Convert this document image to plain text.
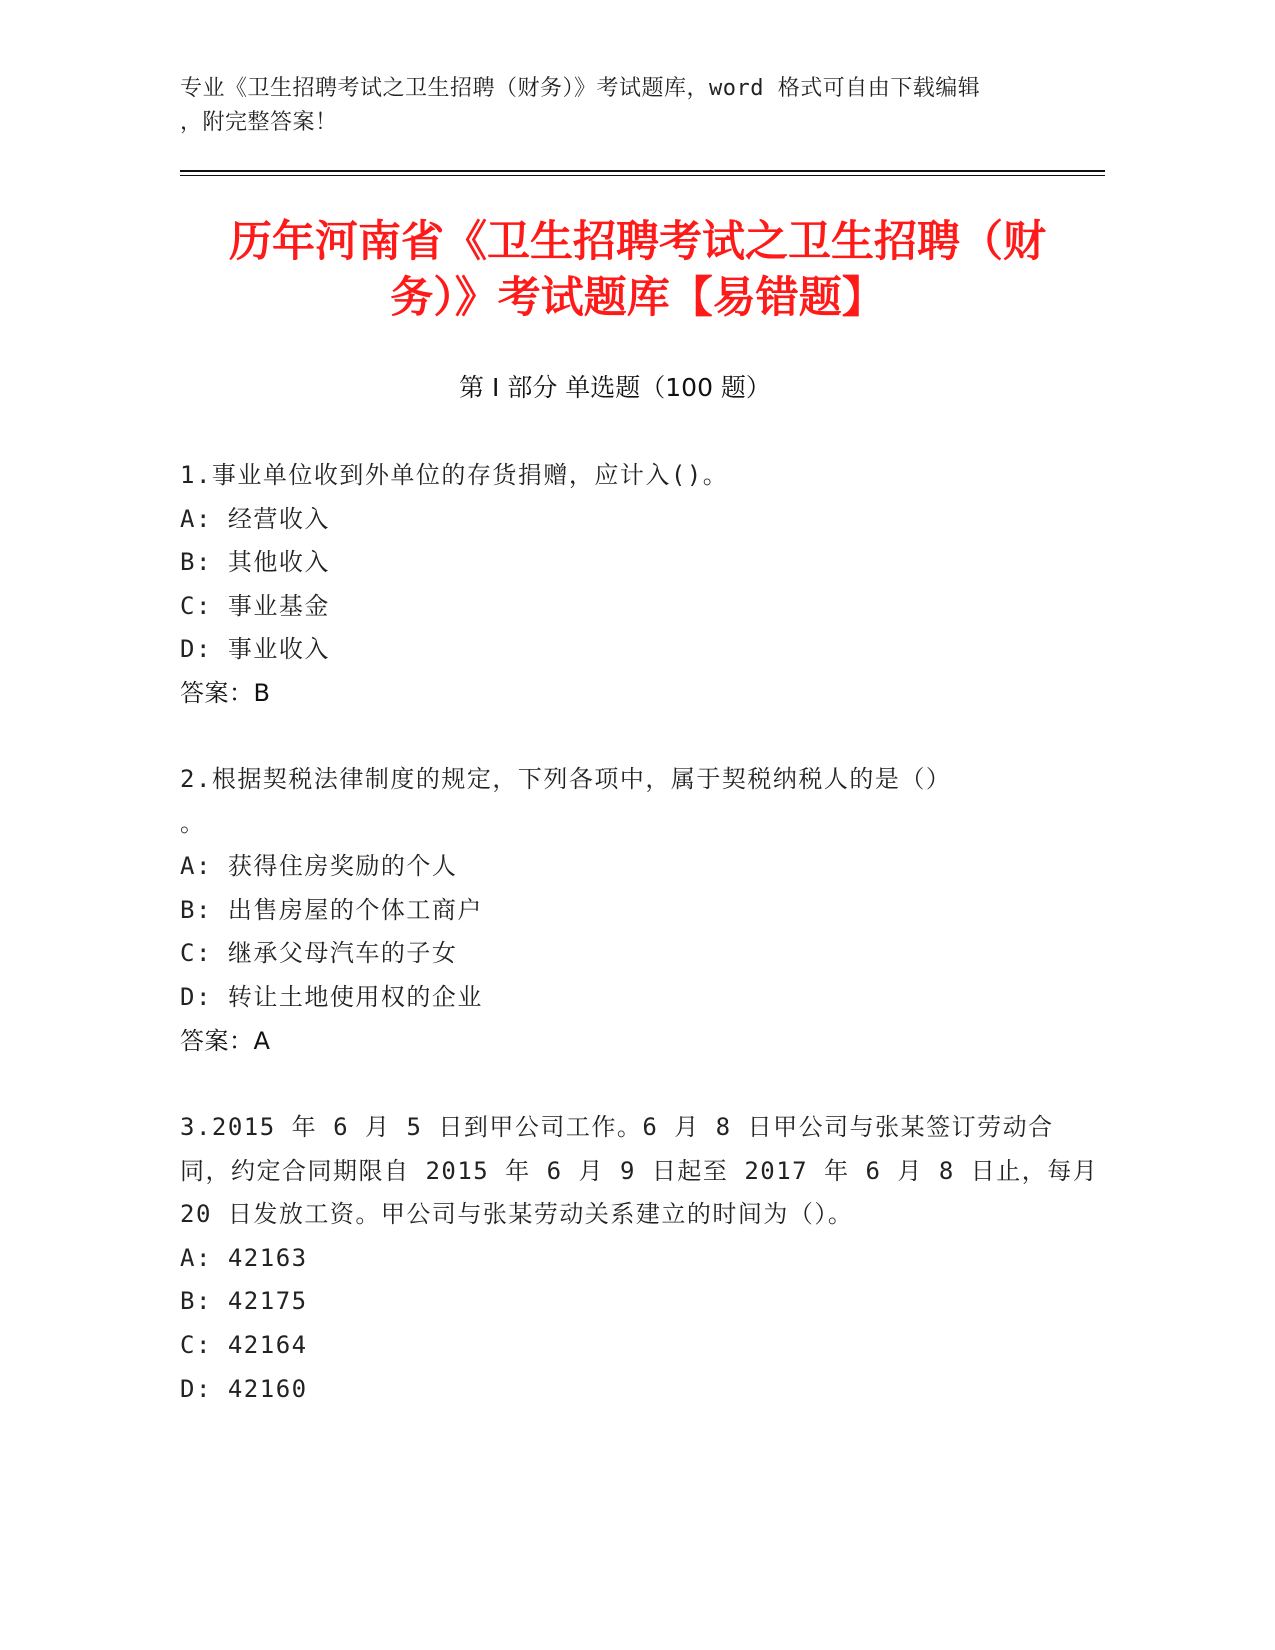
专业《卫生招聘考试之卫生招聘（财务）》考试题库，word 格式可自由下载编辑
，附完整答案！
历年河南省《卫生招聘考试之卫生招聘（财
务）》考试题库【易错题】
第 I 部分 单选题（100 题）
1.事业单位收到外单位的存货捐赠，应计入()。
A: 经营收入
B: 其他收入
C: 事业基金
D: 事业收入
答案：B
2.根据契税法律制度的规定，下列各项中，属于契税纳税人的是（）
。
A: 获得住房奖励的个人
B: 出售房屋的个体工商户
C: 继承父母汽车的子女
D: 转让土地使用权的企业
答案：A
3.2015 年 6 月 5 日到甲公司工作。6 月 8 日甲公司与张某签订劳动合
同，约定合同期限自 2015 年 6 月 9 日起至 2017 年 6 月 8 日止，每月
20 日发放工资。甲公司与张某劳动关系建立的时间为（）。
A: 42163
B: 42175
C: 42164
D: 42160
